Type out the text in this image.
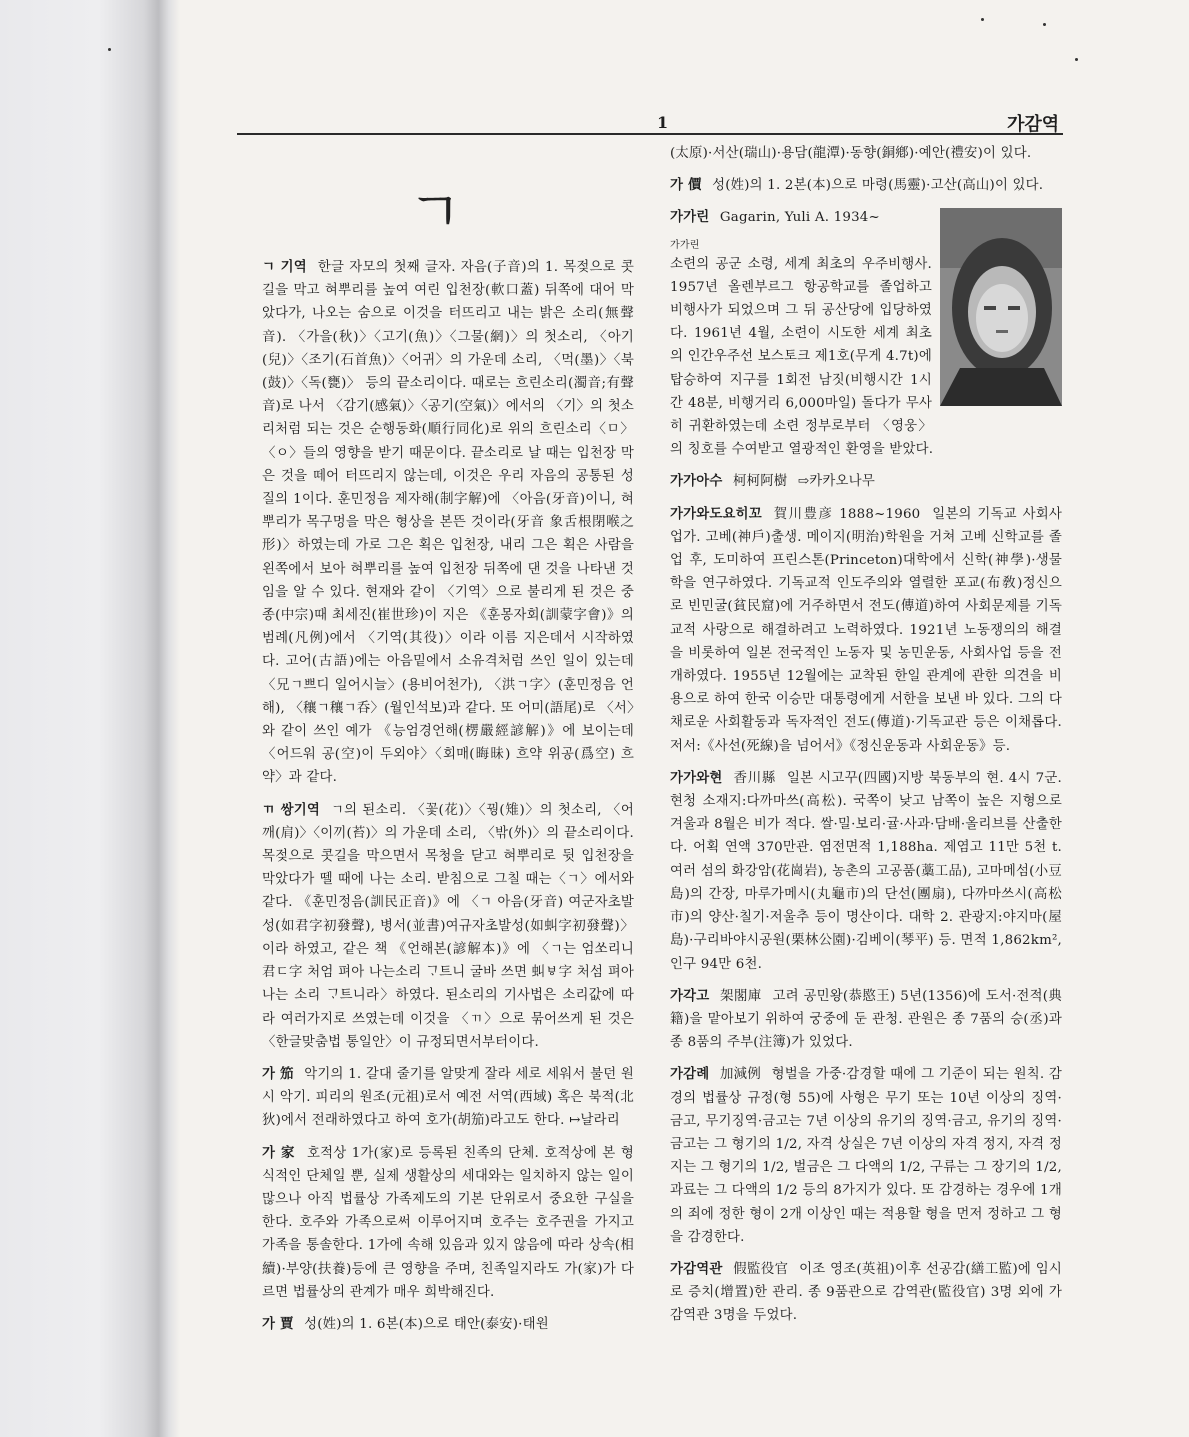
1	가감역
ㄱ

ㄱ 기역 한글 자모의 첫째 글자. 자음(子音)의 1. 목젖으로 콧길을 막고 혀뿌리를 높여 여린 입천장(軟口蓋) 뒤쪽에 대어 막았다가, 나오는 숨으로 이것을 터뜨리고 내는 밝은 소리(無聲音). 〈가을(秋)〉〈고기(魚)〉〈그물(網)〉의 첫소리, 〈아기(兒)〉〈조기(石首魚)〉〈어귀〉의 가운데 소리, 〈먹(墨)〉〈북(鼓)〉〈독(甕)〉 등의 끝소리이다. 때로는 흐린소리(濁音;有聲音)로 나서 〈감기(感氣)〉〈공기(空氣)〉에서의 〈기〉의 첫소리처럼 되는 것은 순행동화(順行同化)로 위의 흐린소리〈ㅁ〉〈ㅇ〉들의 영향을 받기 때문이다. 끝소리로 날 때는 입천장 막은 것을 떼어 터뜨리지 않는데, 이것은 우리 자음의 공통된 성질의 1이다. 훈민정음 제자해(制字解)에 〈아음(牙音)이니, 혀뿌리가 목구멍을 막은 형상을 본뜬 것이라(牙音 象舌根閉喉之形)〉하였는데 가로 그은 획은 입천장, 내리 그은 획은 사람을 왼쪽에서 보아 혀뿌리를 높여 입천장 뒤쪽에 댄 것을 나타낸 것임을 알 수 있다. 현재와 같이 〈기역〉으로 불리게 된 것은 중종(中宗)때 최세진(崔世珍)이 지은 《훈몽자회(訓蒙字會)》의 범례(凡例)에서 〈기역(其役)〉이라 이름 지은데서 시작하였다. 고어(古語)에는 아음밑에서 소유격처럼 쓰인 일이 있는데 〈兄ㄱ쁘디 일어시늘〉(용비어천가), 〈洪ㄱ字〉(훈민정음 언해), 〈穰ㄱ穰ㄱ呑〉(월인석보)과 같다. 또 어미(語尾)로 〈서〉와 같이 쓰인 예가 《능엄경언해(楞嚴經諺解)》에 보이는데 〈어드워 공(空)이 두외야〉〈회매(晦昧) 흐약 위공(爲空) 흐약〉과 같다.

ㄲ 쌍기역 ㄱ의 된소리. 〈꽃(花)〉〈꿩(雉)〉의 첫소리, 〈어깨(肩)〉〈이끼(苔)〉의 가운데 소리, 〈밖(外)〉의 끝소리이다. 목젖으로 콧길을 막으면서 목청을 닫고 혀뿌리로 뒷 입천장을 막았다가 뗄 때에 나는 소리. 받침으로 그칠 때는〈ㄱ〉에서와 같다. 《훈민정음(訓民正音)》에 〈ㄱ 아음(牙音) 여군자초발성(如君字初發聲), 병서(並書)여규자초발성(如虯字初發聲)〉이라 하였고, 같은 책 《언해본(諺解本)》에 〈ㄱ는 엄쏘리니 君ㄷ字 처엄 펴아 나는소리 ᄀᆞ트니 굴바 쓰면 虯ㅸ字 처섬 펴아 나는 소리 ᄀᆞ트니라〉하였다. 된소리의 기사법은 소리값에 따라 여러가지로 쓰였는데 이것을 〈ㄲ〉으로 묶어쓰게 된 것은 〈한글맞춤법 통일안〉이 규정되면서부터이다.

가 笳 악기의 1. 갈대 줄기를 알맞게 잘라 세로 세워서 불던 원시 악기. 피리의 원조(元祖)로서 예전 서역(西域) 혹은 북적(北狄)에서 전래하였다고 하여 호가(胡笳)라고도 한다. ↦날라리

가 家 호적상 1가(家)로 등록된 친족의 단체. 호적상에 본 형식적인 단체일 뿐, 실제 생활상의 세대와는 일치하지 않는 일이 많으나 아직 법률상 가족제도의 기본 단위로서 중요한 구실을 한다. 호주와 가족으로써 이루어지며 호주는 호주권을 가지고 가족을 통솔한다. 1가에 속해 있음과 있지 않음에 따라 상속(相續)·부양(扶養)등에 큰 영향을 주며, 친족일지라도 가(家)가 다르면 법률상의 관계가 매우 희박해진다.

가 賈 성(姓)의 1. 6본(本)으로 태안(泰安)·태원

(太原)·서산(瑞山)·용담(龍潭)·동향(銅鄕)·예안(禮安)이 있다.

가 價 성(姓)의 1. 2본(本)으로 마령(馬靈)·고산(高山)이 있다.

가가린 Gagarin, Yuli A. 1934~

가가린
소련의 공군 소령, 세계 최초의 우주비행사. 1957년 올렌부르그 항공학교를 졸업하고 비행사가 되었으며 그 뒤 공산당에 입당하였다. 1961년 4월, 소련이 시도한 세계 최초의 인간우주선 보스토크 제1호(무게 4.7t)에 탑승하여 지구를 1회전 남짓(비행시간 1시간 48분, 비행거리 6,000마일) 돌다가 무사히 귀환하였는데 소련 정부로부터 〈영웅〉의 칭호를 수여받고 열광적인 환영을 받았다.

가가아수 柯柯阿樹 ⇨카카오나무

가가와도요히꼬 賀川豊彦 1888~1960 일본의 기독교 사회사업가. 고베(神戶)출생. 메이지(明治)학원을 거쳐 고베 신학교를 졸업 후, 도미하여 프린스톤(Princeton)대학에서 신학(神學)·생물학을 연구하였다. 기독교적 인도주의와 열렬한 포교(布敎)정신으로 빈민굴(貧民窟)에 거주하면서 전도(傳道)하여 사회문제를 기독교적 사랑으로 해결하려고 노력하였다. 1921년 노동쟁의의 해결을 비롯하여 일본 전국적인 노동자 및 농민운동, 사회사업 등을 전개하였다. 1955년 12월에는 교착된 한일 관계에 관한 의견을 비용으로 하여 한국 이승만 대통령에게 서한을 보낸 바 있다. 그의 다채로운 사회활동과 독자적인 전도(傳道)·기독교관 등은 이채롭다. 저서:《사선(死線)을 넘어서》《정신운동과 사회운동》등.

가가와현 香川縣 일본 시고꾸(四國)지방 북동부의 현. 4시 7군. 현청 소재지:다까마쓰(高松). 국쪽이 낮고 남쪽이 높은 지형으로 겨울과 8월은 비가 적다. 쌀·밀·보리·귤·사과·담배·올리브를 산출한다. 어획 연액 370만관. 염전면적 1,188ha. 제염고 11만 5천 t. 여러 섬의 화강암(花崗岩), 농촌의 고공품(藁工品), 고마메섬(小豆島)의 간장, 마루가메시(丸龜市)의 단선(團扇), 다까마쓰시(高松市)의 양산·칠기·저울추 등이 명산이다. 대학 2. 관광지:야지마(屋島)·구리바야시공원(栗林公園)·김베이(琴平) 등. 면적 1,862km², 인구 94만 6천.

가각고 架閣庫 고려 공민왕(恭愍王) 5년(1356)에 도서·전적(典籍)을 맡아보기 위하여 궁중에 둔 관청. 관원은 종 7품의 승(丞)과 종 8품의 주부(注簿)가 있었다.

가감례 加減例 형벌을 가중·감경할 때에 그 기준이 되는 원칙. 감경의 법률상 규정(형 55)에 사형은 무기 또는 10년 이상의 징역·금고, 무기징역·금고는 7년 이상의 유기의 징역·금고, 유기의 징역·금고는 그 형기의 1/2, 자격 상실은 7년 이상의 자격 정지, 자격 정지는 그 형기의 1/2, 벌금은 그 다액의 1/2, 구류는 그 장기의 1/2, 과료는 그 다액의 1/2 등의 8가지가 있다. 또 감경하는 경우에 1개의 죄에 정한 형이 2개 이상인 때는 적용할 형을 먼저 정하고 그 형을 감경한다.

가감역관 假監役官 이조 영조(英祖)이후 선공감(繕工監)에 임시로 증치(增置)한 관리. 종 9품관으로 감역관(監役官) 3명 외에 가감역관 3명을 두었다.
